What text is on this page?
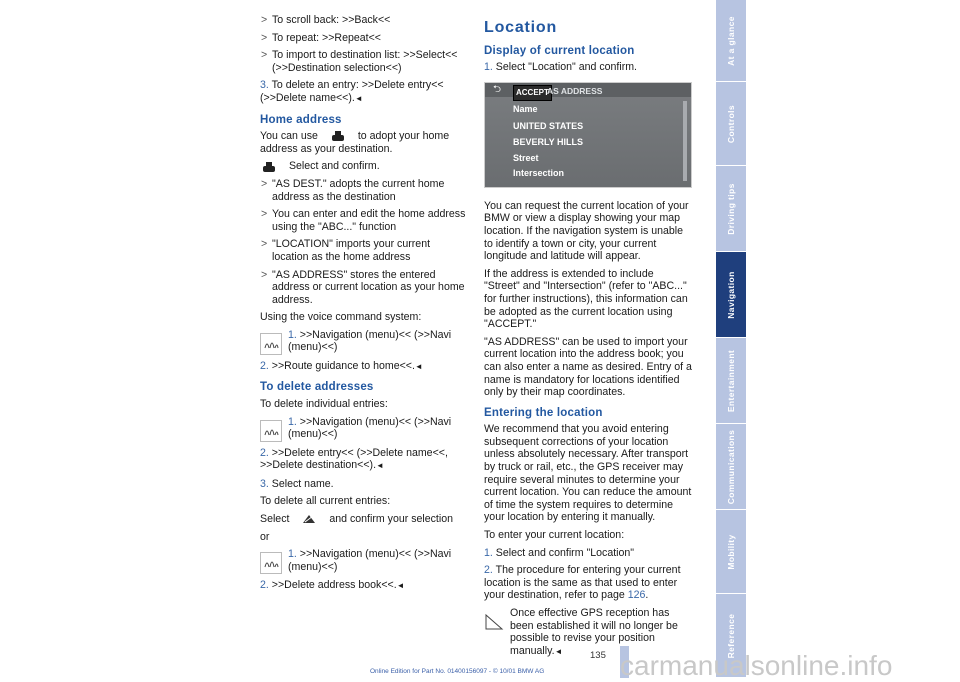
> To scroll back: >>Back<<

> To repeat: >>Repeat<<

> To import to destination list: >>Select<< (>>Destination selection<<)

3. To delete an entry: >>Delete entry<< (>>Delete name<<).◄

Home address

You can use	to adopt your home address as your destination.

Select and confirm.

> "AS DEST." adopts the current home address as the destination

> You can enter and edit the home address using the "ABC..." function

> "LOCATION" imports your current location as the home address

> "AS ADDRESS" stores the entered address or current location as your home address.

Using the voice command system:

1. >>Navigation (menu)<< (>>Navi (menu)<<)

2. >>Route guidance to home<<.◄

To delete addresses

To delete individual entries:

1. >>Navigation (menu)<< (>>Navi (menu)<<)

2. >>Delete entry<< (>>Delete name<<, >>Delete destination<<).◄

3. Select name.

To delete all current entries:

Select	and confirm your selection

or

1. >>Navigation (menu)<< (>>Navi (menu)<<)

2. >>Delete address book<<.◄

Location
Display of current location

1. Select "Location" and confirm.

⮌	ACCEPT
AS ADDRESS
Name
UNITED STATES
BEVERLY HILLS
Street
Intersection

You can request the current location of your BMW or view a display showing your map location. If the navigation system is unable to identify a town or city, your current longitude and latitude will appear.

If the address is extended to include "Street" and "Intersection" (refer to "ABC..." for further instructions), this information can be adopted as the current location using "ACCEPT."

"AS ADDRESS" can be used to import your current location into the address book; you can also enter a name as desired. Entry of a name is mandatory for locations identified only by their map coordinates.

Entering the location

We recommend that you avoid entering subsequent corrections of your location unless absolutely necessary. After transport by truck or rail, etc., the GPS receiver may require several minutes to determine your current location. You can reduce the amount of time the system requires to determine your location by entering it manually.

To enter your current location:

1. Select and confirm "Location"

2. The procedure for entering your current location is the same as that used to enter your destination, refer to page 126.

Once effective GPS reception has been established it will no longer be possible to revise your position manually.◄
At a glance
Controls
Driving tips
Navigation
Entertainment
Communications
Mobility
Reference
135
Online Edition for Part No. 01400156097 - © 10/01 BMW AG	carmanualsonline.info
